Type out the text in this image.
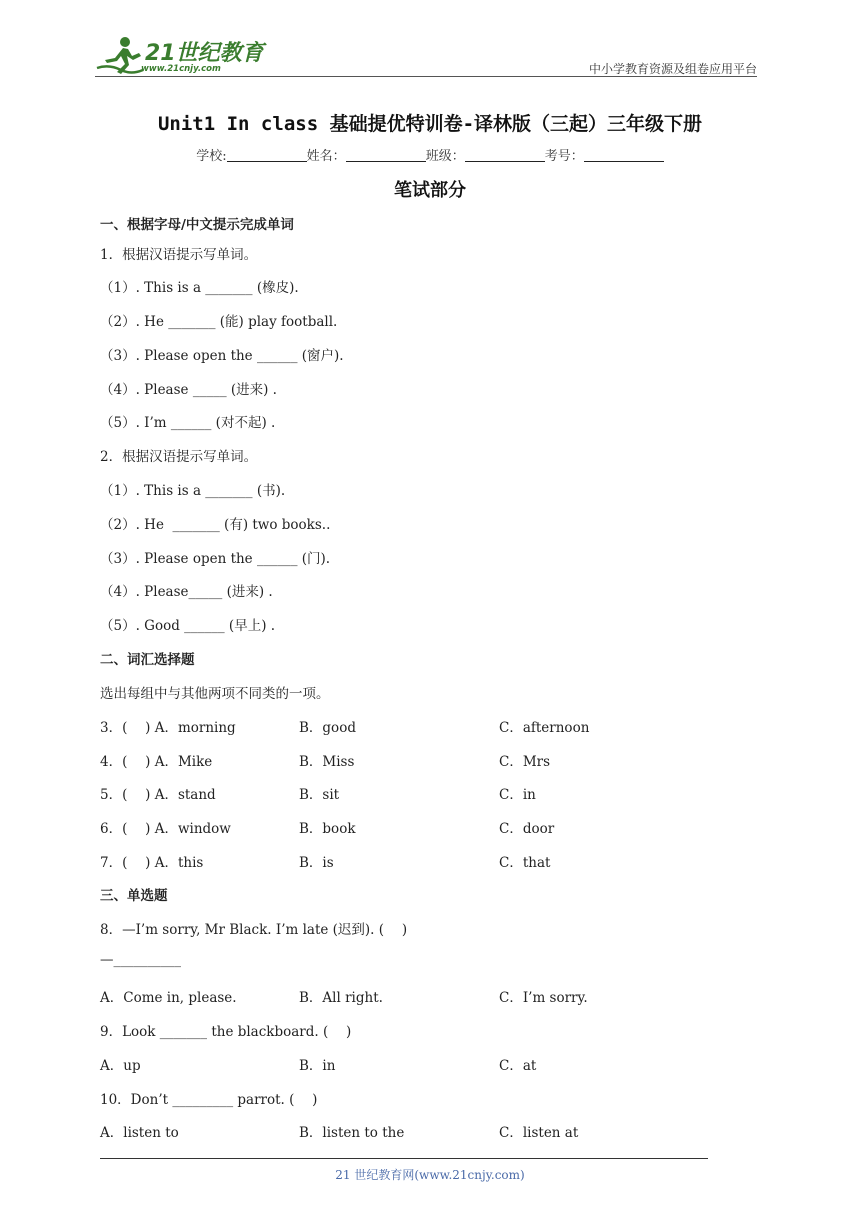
21世纪教育
www.21cnjy.com	中小学教育资源及组卷应用平台
Unit1 In class 基础提优特训卷-译林版（三起）三年级下册
学校:	姓名：	班级：	考号：
笔试部分
一、根据字母/中文提示完成单词
1．根据汉语提示写单词。
（1）. This is a _______ (橡皮).
（2）. He _______ (能) play football.
（3）. Please open the ______ (窗户).
（4）. Please _____ (进来) .
（5）. I’m ______ (对不起) .
2．根据汉语提示写单词。
（1）. This is a _______ (书).
（2）. He  _______ (有) two books..
（3）. Please open the ______ (门).
（4）. Please_____ (进来) .
（5）. Good ______ (早上) .
二、词汇选择题
选出每组中与其他两项不同类的一项。
3．(　 ) A．morning	B．good	C．afternoon
4．(　 ) A．Mike	B．Miss	C．Mrs
5．(　 ) A．stand	B．sit	C．in
6．(　 ) A．window	B．book	C．door
7．(　 ) A．this	B．is	C．that
三、单选题
8．—I’m sorry, Mr Black. I’m late (迟到). (　 )
—__________
A．Come in, please.	B．All right.	C．I’m sorry.
9．Look _______ the blackboard. (　 )
A．up	B．in	C．at
10．Don’t _________ parrot. (　 )
A．listen to	B．listen to the	C．listen at
21 世纪教育网(www.21cnjy.com)
